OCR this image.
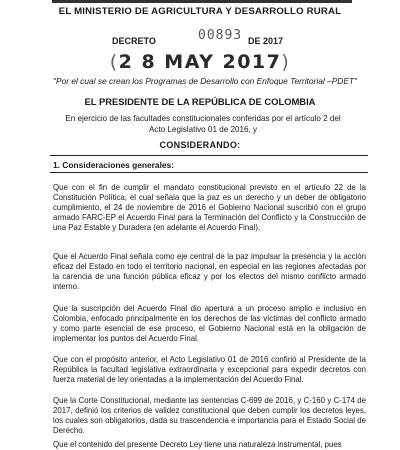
EL MINISTERIO DE AGRICULTURA Y DESARROLLO RURAL
DECRETO	00893 DE 2017
(2 8 MAY 2017)
"Por el cual se crean los Programas de Desarrollo con Enfoque Territorial –PDET"
EL PRESIDENTE DE LA REPÚBLICA DE COLOMBIA
En ejercicio de las facultades constitucionales conferidas por el artículo 2 del Acto Legislativo 01 de 2016, y
CONSIDERANDO:
1. Consideraciones generales:
Que con el fin de cumplir el mandato constitucional previsto en el artículo 22 de la Constitución Política, el cual señala que la paz es un derecho y un deber de obligatorio cumplimiento, el 24 de noviembre de 2016 el Gobierno Nacional suscribió con el grupo armado FARC-EP el Acuerdo Final para la Terminación del Conflicto y la Construcción de una Paz Estable y Duradera (en adelante el Acuerdo Final).
Que el Acuerdo Final señala como eje central de la paz impulsar la presencia y la acción eficaz del Estado en todo el territorio nacional, en especial en las regiones afectadas por la carencia de una función pública eficaz y por los efectos del mismo conflicto armado interno.
Que la suscripción del Acuerdo Final dio apertura a un proceso amplio e inclusivo en Colombia, enfocado principalmente en los derechos de las víctimas del conflicto armado y como parte esencial de ese proceso, el Gobierno Nacional está en la obligación de implementar los puntos del Acuerdo Final.
Que con el propósito anterior, el Acto Legislativo 01 de 2016 confirió al Presidente de la República la facultad legislativa extraordinaria y excepcional para expedir decretos con fuerza material de ley orientadas a la implementación del Acuerdo Final.
Que la Corte Constitucional, mediante las sentencias C-699 de 2016, y C-160 y C-174 de 2017, definió los criterios de validez constitucional que deben cumplir los decretos leyes, los cuales son obligatorios, dada su trascendencia e importancia para el Estado Social de Derecho.
Que el contenido del presente Decreto Ley tiene una naturaleza instrumental, pues
